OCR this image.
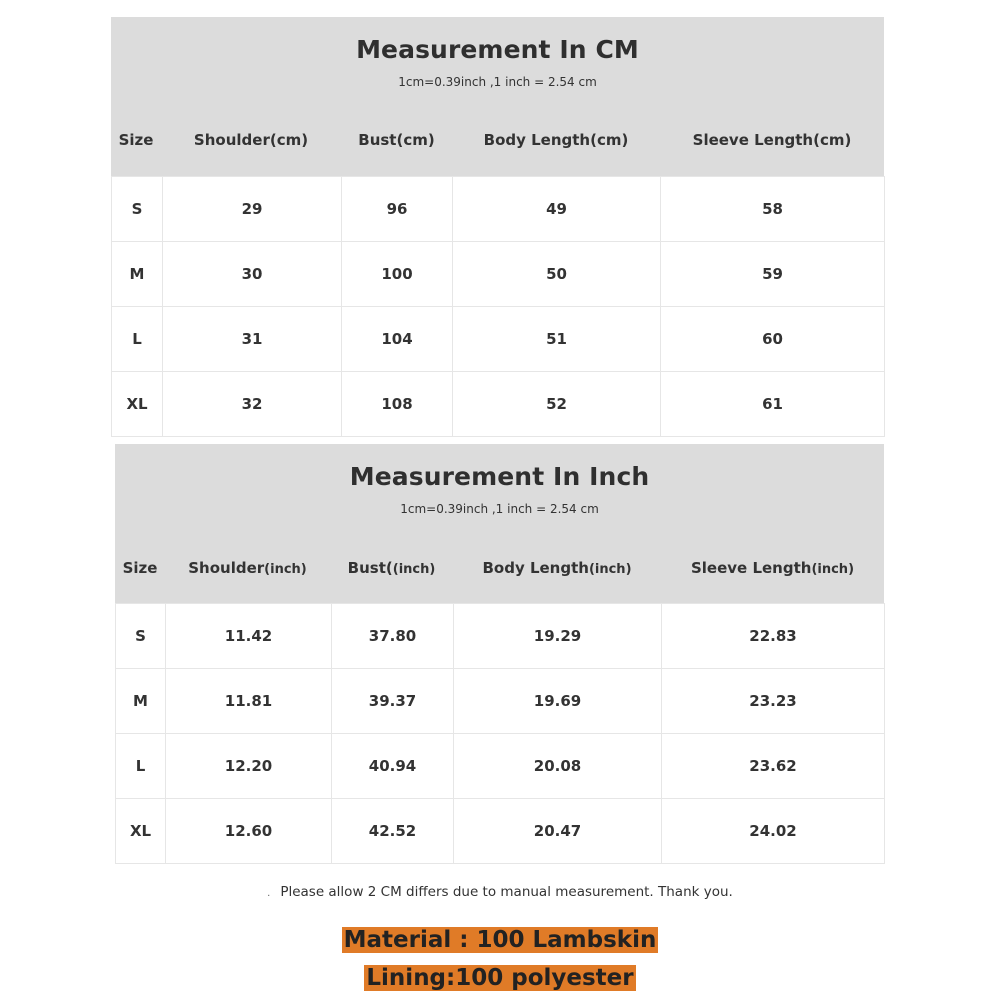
Measurement In CM
1cm=0.39inch ,1 inch = 2.54 cm
Size	Shoulder(cm)	Bust(cm)	Body Length(cm)	Sleeve Length(cm)
S	29	96	49	58
M	30	100	50	59
L	31	104	51	60
XL	32	108	52	61
Measurement In Inch
1cm=0.39inch ,1 inch = 2.54 cm
Size	Shoulder(inch)	Bust((inch)	Body Length(inch)	Sleeve Length(inch)
S	11.42	37.80	19.29	22.83
M	11.81	39.37	19.69	23.23
L	12.20	40.94	20.08	23.62
XL	12.60	42.52	20.47	24.02
. Please allow 2 CM differs due to manual measurement. Thank you.
Material : 100 Lambskin
Lining:100 polyester
